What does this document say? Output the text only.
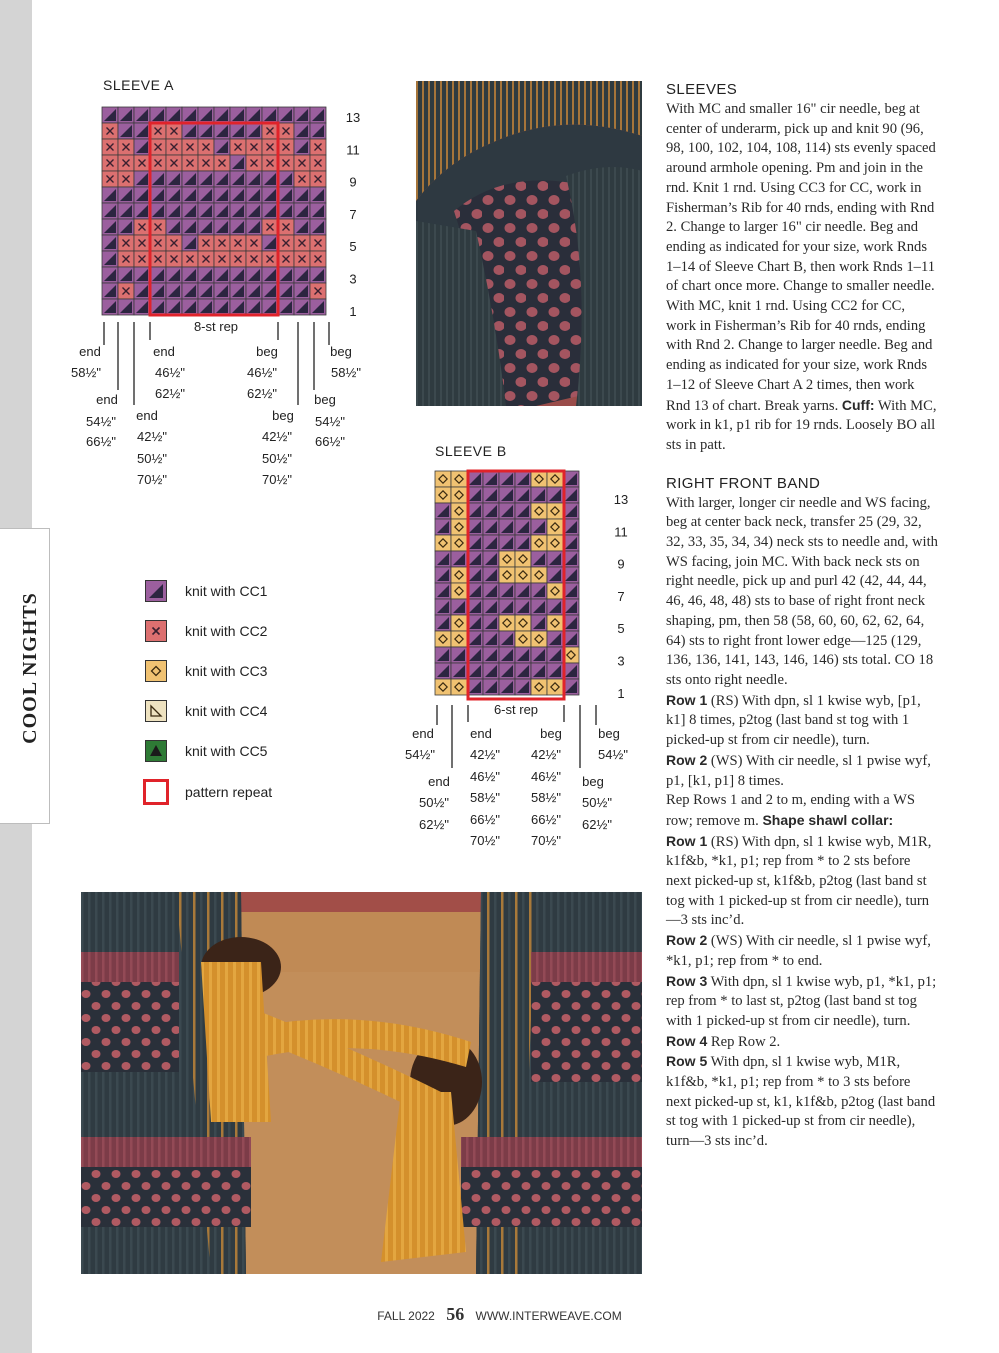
COOL NIGHTS
SLEEVE A
13
11
9
7
5
3
1
8-st rep
end
58½"
end
54½"
66½"
end
46½"
62½"
end
42½"
50½"
70½"
beg
46½"
62½"
beg
42½"
50½"
70½"
beg
58½"
beg
54½"
66½"
SLEEVE B
13
11
9
7
5
3
1
6-st rep
end
54½"
end
50½"
62½"
end
42½"
46½"
58½"
66½"
70½"
beg
42½"
46½"
58½"
66½"
70½"
beg
50½"
62½"
beg
54½"
knit with CC1
knit with CC2
knit with CC3
knit with CC4
knit with CC5
pattern repeat
SLEEVES

With MC and smaller 16" cir needle, beg at center of underarm, pick up and knit 90 (96, 98, 100, 102, 104, 108, 114) sts evenly spaced around armhole opening. Pm and join in the rnd. Knit 1 rnd. Using CC3 for CC, work in Fisherman’s Rib for 40 rnds, ending with Rnd 2. Change to larger 16" cir needle. Beg and ending as indicated for your size, work Rnds 1–14 of Sleeve Chart B, then work Rnds 1–11 of chart once more. Change to smaller needle. With MC, knit 1 rnd. Using CC2 for CC, work in Fisherman’s Rib for 40 rnds, ending with Rnd 2. Change to larger needle. Beg and ending as indicated for your size, work Rnds 1–12 of Sleeve Chart A 2 times, then work Rnd 13 of chart. Break yarns. Cuff: With MC, work in k1, p1 rib for 19 rnds. Loosely BO all sts in patt.

RIGHT FRONT BAND

With larger, longer cir needle and WS facing, beg at center back neck, transfer 25 (29, 32, 32, 33, 35, 34, 34) neck sts to needle and, with WS facing, join MC. With back neck sts on right needle, pick up and purl 42 (42, 44, 44, 46, 46, 48, 48) sts to base of right front neck shaping, pm, then 58 (58, 60, 60, 62, 62, 64, 64) sts to right front lower edge—125 (129, 136, 136, 141, 143, 146, 146) sts total. CO 18 sts onto right needle.

Row 1 (RS) With dpn, sl 1 kwise wyb, [p1, k1] 8 times, p2tog (last band st tog with 1 picked-up st from cir needle), turn.

Row 2 (WS) With cir needle, sl 1 pwise wyf, p1, [k1, p1] 8 times.

Rep Rows 1 and 2 to m, ending with a WS row; remove m. Shape shawl collar:

Row 1 (RS) With dpn, sl 1 kwise wyb, M1R, k1f&b, *k1, p1; rep from * to 2 sts before next picked-up st, k1f&b, p2tog (last band st tog with 1 picked-up st from cir needle), turn—3 sts inc’d.

Row 2 (WS) With cir needle, sl 1 pwise wyf, *k1, p1; rep from * to end.

Row 3 With dpn, sl 1 kwise wyb, p1, *k1, p1; rep from * to last st, p2tog (last band st tog with 1 picked-up st from cir needle), turn.

Row 4 Rep Row 2.

Row 5 With dpn, sl 1 kwise wyb, M1R, k1f&b, *k1, p1; rep from * to 3 sts before next picked-up st, k1, k1f&b, p2tog (last band st tog with 1 picked-up st from cir needle), turn—3 sts inc’d.

FALL 2022 56 WWW.INTERWEAVE.COM
